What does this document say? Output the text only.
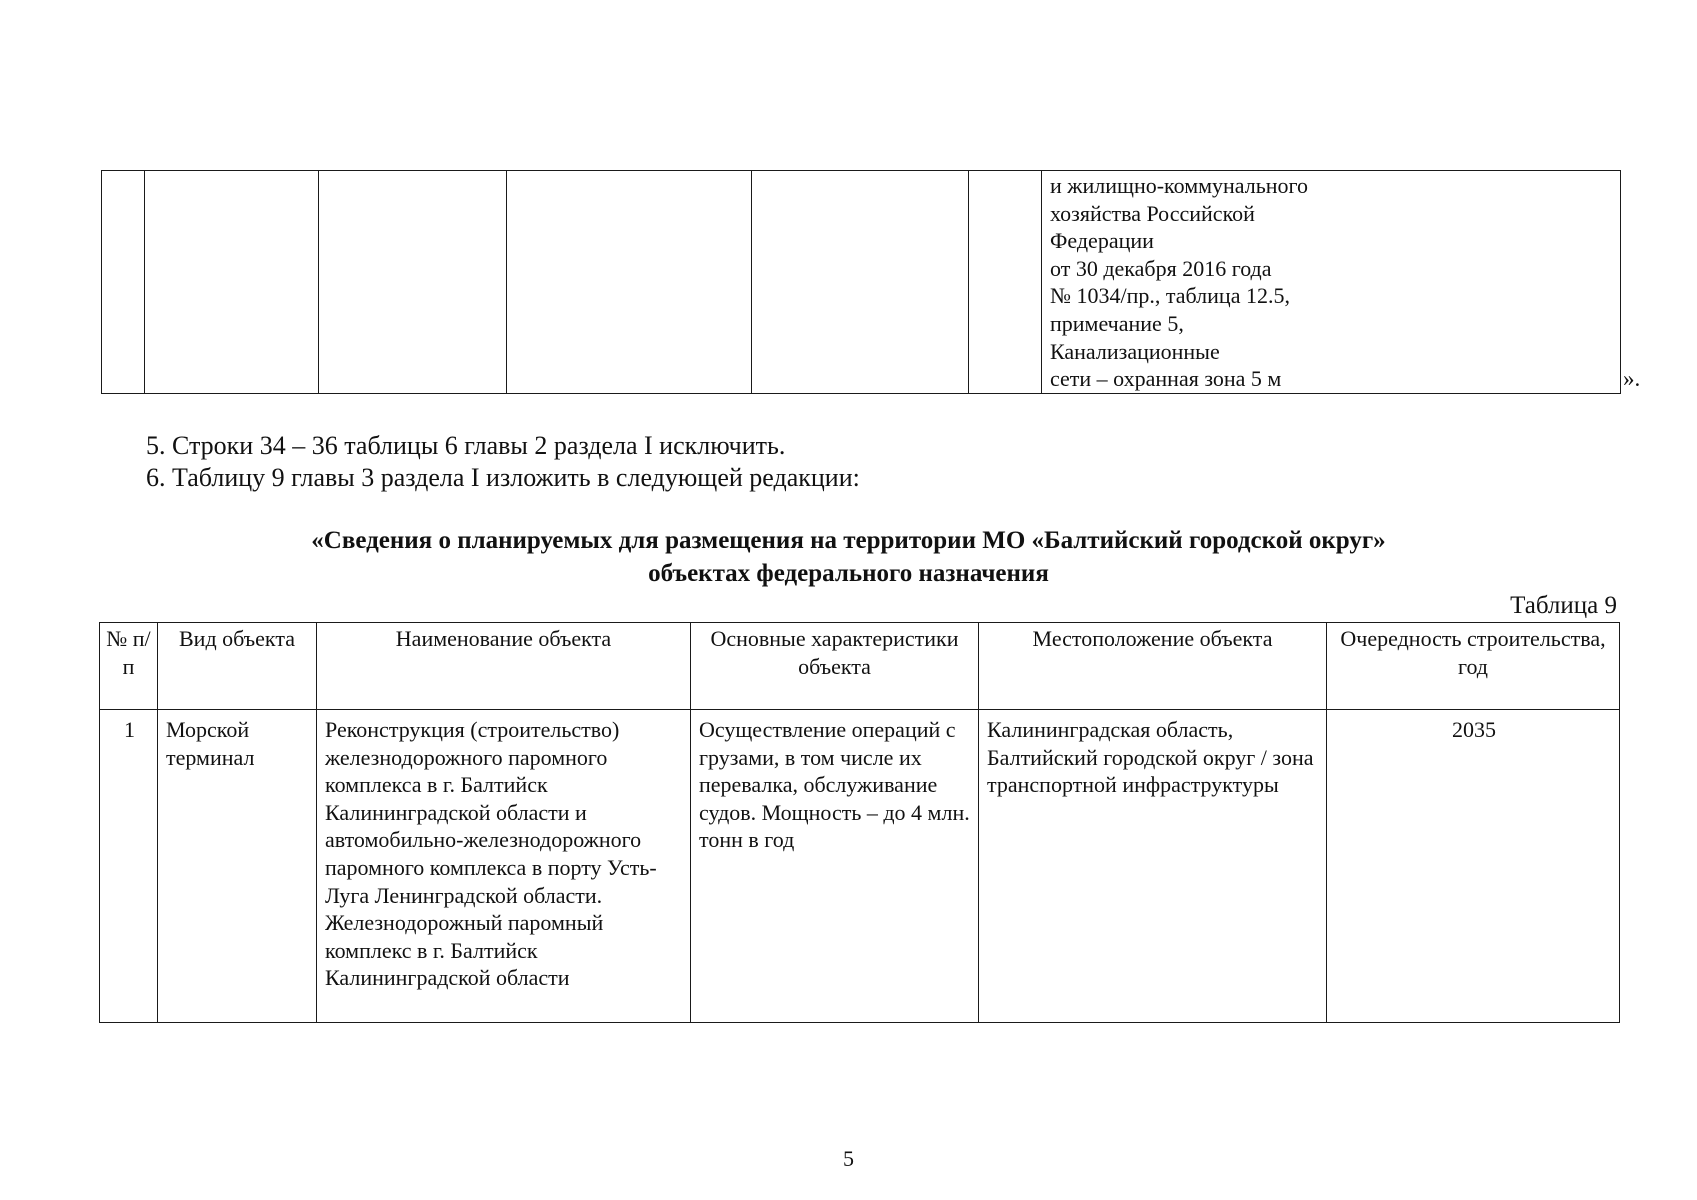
и жилищно-коммунального
хозяйства Российской
Федерации
от 30 декабря 2016 года
№ 1034/пр., таблица 12.5,
примечание 5,
Канализационные
сети – охранная зона 5 м	».
5. Строки 34 – 36 таблицы 6 главы 2 раздела I исключить.
6. Таблицу 9 главы 3 раздела I изложить в следующей редакции:
«Сведения о планируемых для размещения на территории МО «Балтийский городской округ»
объектах федерального назначения
Таблица 9
№ п/п	Вид объекта	Наименование объекта	Основные характеристики объекта	Местоположение объекта	Очередность строительства, год
1	Морской терминал	Реконструкция (строительство) железнодорожного паромного комплекса в г. Балтийск Калининградской области и автомобильно-железнодорожного паромного комплекса в порту Усть-Луга Ленинградской области. Железнодорожный паромный комплекс в г. Балтийск Калининградской области	Осуществление операций с грузами, в том числе их перевалка, обслуживание судов. Мощность – до 4 млн. тонн в год	Калининградская область, Балтийский городской округ / зона транспортной инфраструктуры	2035
5
